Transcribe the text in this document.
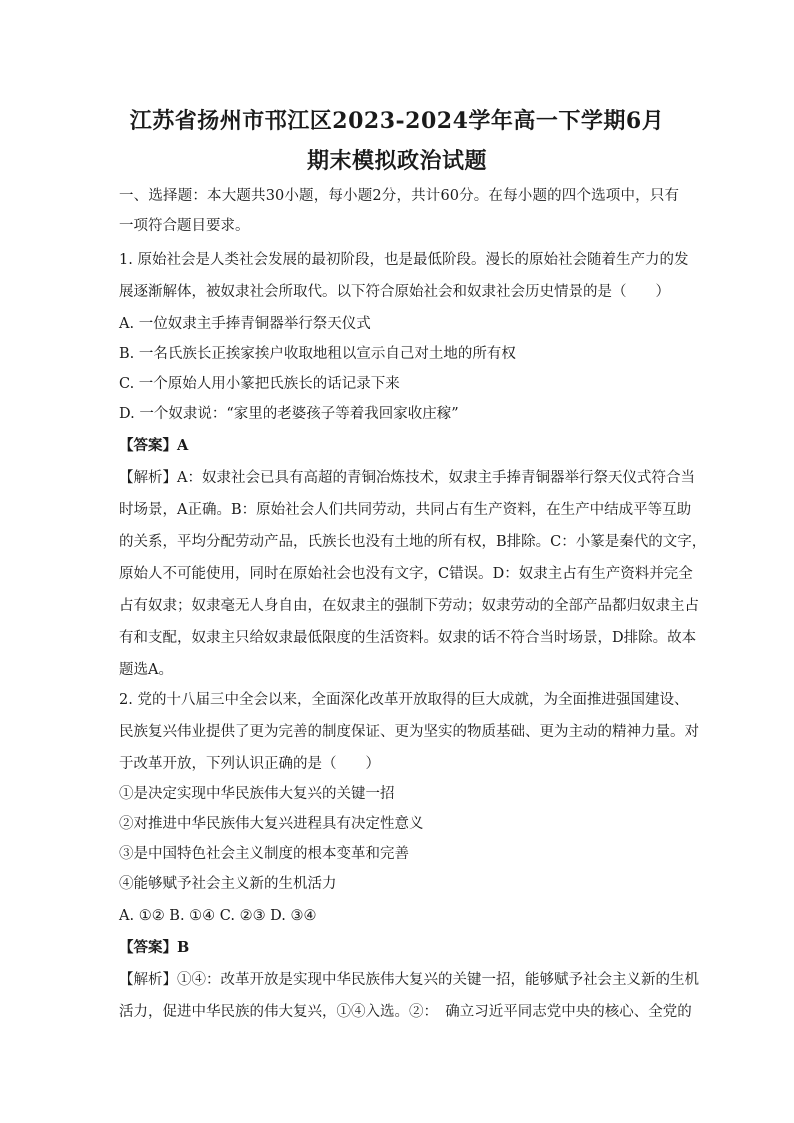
江苏省扬州市邗江区2023-2024学年高一下学期6月
期末模拟政治试题
一、选择题：本大题共30小题，每小题2分，共计60分。在每小题的四个选项中，只有
一项符合题目要求。
1. 原始社会是人类社会发展的最初阶段，也是最低阶段。漫长的原始社会随着生产力的发
展逐渐解体，被奴隶社会所取代。以下符合原始社会和奴隶社会历史情景的是（　　）
A. 一位奴隶主手捧青铜器举行祭天仪式
B. 一名氏族长正挨家挨户收取地租以宣示自己对土地的所有权
C. 一个原始人用小篆把氏族长的话记录下来
D. 一个奴隶说：“家里的老婆孩子等着我回家收庄稼”
【答案】A
【解析】A：奴隶社会已具有高超的青铜冶炼技术，奴隶主手捧青铜器举行祭天仪式符合当
时场景，A正确。B：原始社会人们共同劳动，共同占有生产资料，在生产中结成平等互助
的关系，平均分配劳动产品，氏族长也没有土地的所有权，B排除。C：小篆是秦代的文字，
原始人不可能使用，同时在原始社会也没有文字，C错误。D：奴隶主占有生产资料并完全
占有奴隶；奴隶毫无人身自由，在奴隶主的强制下劳动；奴隶劳动的全部产品都归奴隶主占
有和支配，奴隶主只给奴隶最低限度的生活资料。奴隶的话不符合当时场景，D排除。故本
题选A。
2. 党的十八届三中全会以来，全面深化改革开放取得的巨大成就，为全面推进强国建设、
民族复兴伟业提供了更为完善的制度保证、更为坚实的物质基础、更为主动的精神力量。对
于改革开放，下列认识正确的是（　　）
①是决定实现中华民族伟大复兴的关键一招
②对推进中华民族伟大复兴进程具有决定性意义
③是中国特色社会主义制度的根本变革和完善
④能够赋予社会主义新的生机活力
A. ①② B. ①④ C. ②③ D. ③④
【答案】B
【解析】①④：改革开放是实现中华民族伟大复兴的关键一招，能够赋予社会主义新的生机
活力，促进中华民族的伟大复兴，①④入选。②：　确立习近平同志党中央的核心、全党的
